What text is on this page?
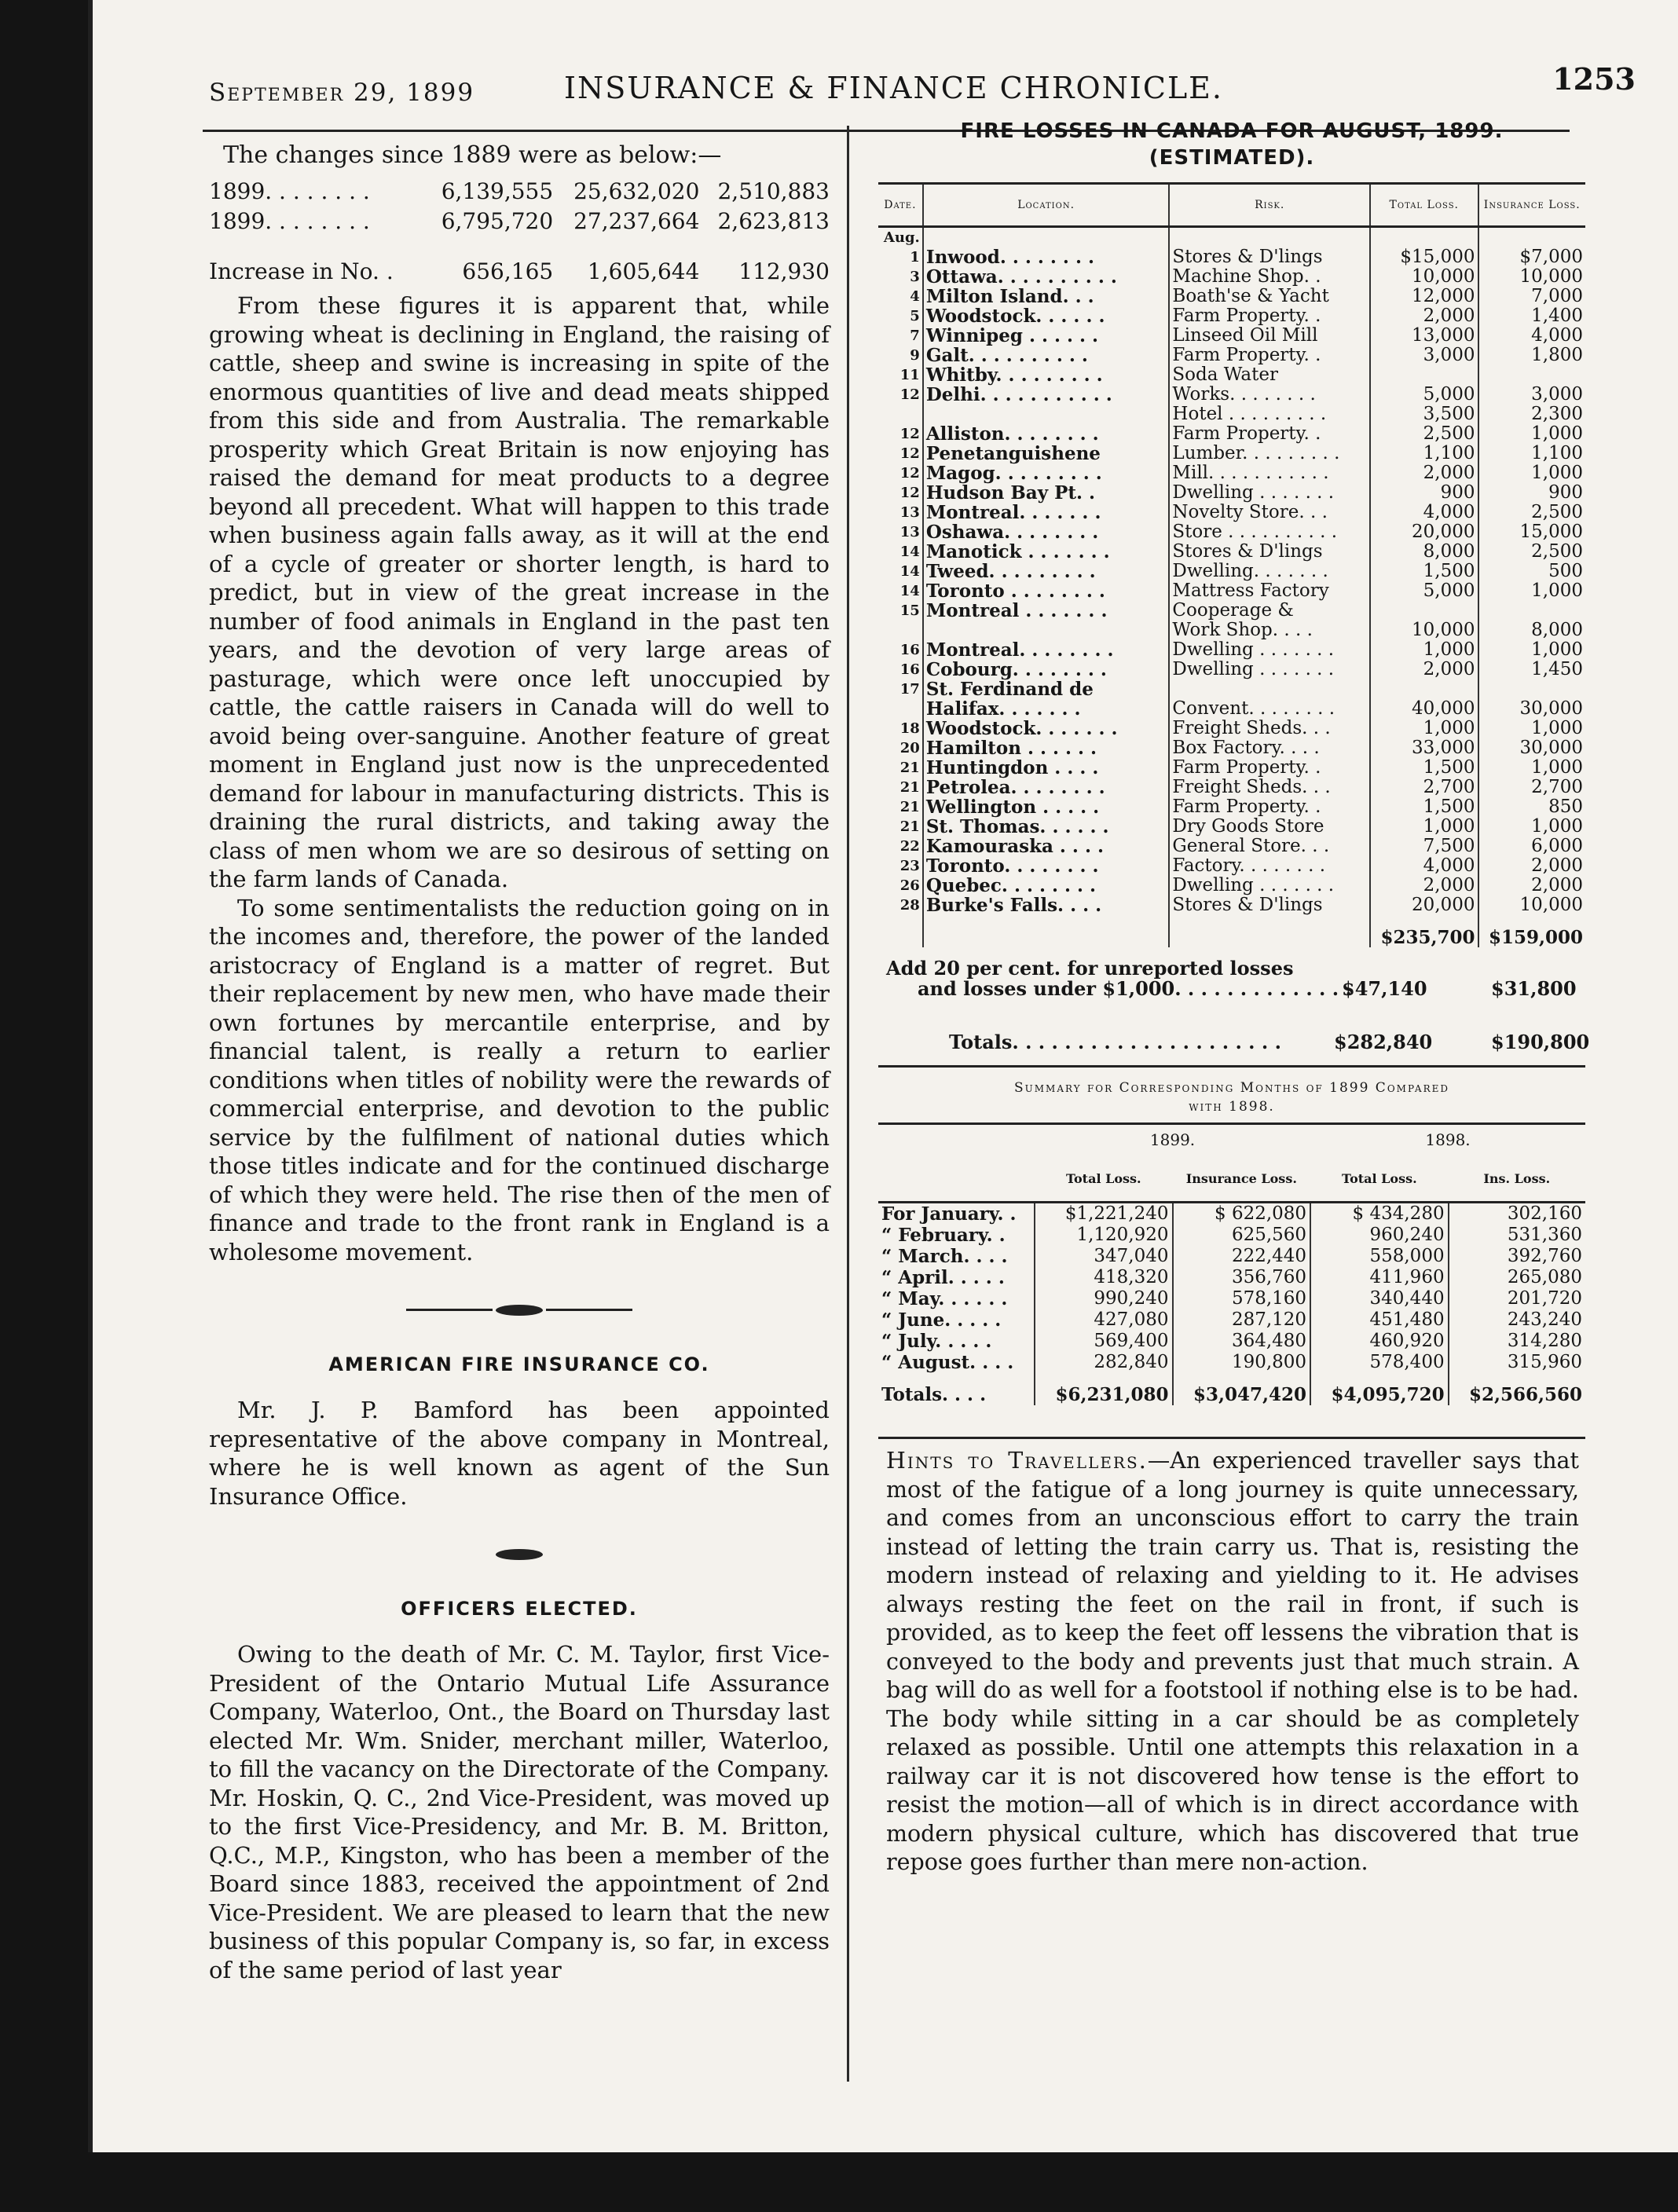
September 29, 1899	INSURANCE & FINANCE CHRONICLE.	1253

The changes since 1889 were as below:—

1899. . . . . . . .	6,139,555	25,632,020	2,510,883
1899. . . . . . . .	6,795,720	27,237,664	2,623,813
Increase in No. .	656,165	1,605,644	112,930

From these figures it is apparent that, while growing wheat is declining in England, the raising of cattle, sheep and swine is increasing in spite of the enormous quantities of live and dead meats shipped from this side and from Australia. The remarkable prosperity which Great Britain is now enjoying has raised the demand for meat products to a degree beyond all precedent. What will happen to this trade when business again falls away, as it will at the end of a cycle of greater or shorter length, is hard to predict, but in view of the great increase in the number of food animals in England in the past ten years, and the devotion of very large areas of pasturage, which were once left unoccupied by cattle, the cattle raisers in Canada will do well to avoid being over-sanguine. Another feature of great moment in England just now is the unprecedented demand for labour in manufacturing districts. This is draining the rural districts, and taking away the class of men whom we are so desirous of setting on the farm lands of Canada.

To some sentimentalists the reduction going on in the incomes and, therefore, the power of the landed aristocracy of England is a matter of regret. But their replacement by new men, who have made their own fortunes by mercantile enterprise, and by financial talent, is really a return to earlier conditions when titles of nobility were the rewards of commercial enterprise, and devotion to the public service by the fulfilment of national duties which those titles indicate and for the continued discharge of which they were held. The rise then of the men of finance and trade to the front rank in England is a wholesome movement.

AMERICAN FIRE INSURANCE CO.

Mr. J. P. Bamford has been appointed representative of the above company in Montreal, where he is well known as agent of the Sun Insurance Office.

OFFICERS ELECTED.

Owing to the death of Mr. C. M. Taylor, first Vice-President of the Ontario Mutual Life Assurance Company, Waterloo, Ont., the Board on Thursday last elected Mr. Wm. Snider, merchant miller, Waterloo, to fill the vacancy on the Directorate of the Company. Mr. Hoskin, Q. C., 2nd Vice-President, was moved up to the first Vice-Presidency, and Mr. B. M. Britton, Q.C., M.P., Kingston, who has been a member of the Board since 1883, received the appointment of 2nd Vice-President. We are pleased to learn that the new business of this popular Company is, so far, in excess of the same period of last year

FIRE LOSSES IN CANADA FOR AUGUST, 1899.
(ESTIMATED).
Date.	Location.	Risk.	Total Loss.	Insurance Loss.
Aug.				
1	Inwood. . . . . . . .	Stores & D'lings	$15,000	$7,000
3	Ottawa. . . . . . . . . .	Machine Shop. .	10,000	10,000
4	Milton Island. . .	Boath'se & Yacht	12,000	7,000
5	Woodstock. . . . . .	Farm Property. .	2,000	1,400
7	Winnipeg . . . . . .	Linseed Oil Mill	13,000	4,000
9	Galt. . . . . . . . . .	Farm Property. .	3,000	1,800
11	Whitby. . . . . . . . .	Soda Water		
12	Delhi. . . . . . . . . . .	Works. . . . . . . .	5,000	3,000
		Hotel . . . . . . . . .	3,500	2,300
12	Alliston. . . . . . . .	Farm Property. .	2,500	1,000
12	Penetanguishene	Lumber. . . . . . . . .	1,100	1,100
12	Magog. . . . . . . . .	Mill. . . . . . . . . . .	2,000	1,000
12	Hudson Bay Pt. .	Dwelling . . . . . . .	900	900
13	Montreal. . . . . . .	Novelty Store. . .	4,000	2,500
13	Oshawa. . . . . . . .	Store . . . . . . . . . .	20,000	15,000
14	Manotick . . . . . . .	Stores & D'lings	8,000	2,500
14	Tweed. . . . . . . . .	Dwelling. . . . . . .	1,500	500
14	Toronto . . . . . . . .	Mattress Factory	5,000	1,000
15	Montreal . . . . . . .	Cooperage &		
		Work Shop. . . .	10,000	8,000
16	Montreal. . . . . . . .	Dwelling . . . . . . .	1,000	1,000
16	Cobourg. . . . . . . .	Dwelling . . . . . . .	2,000	1,450
17	St. Ferdinand de			
	Halifax. . . . . . .	Convent. . . . . . . .	40,000	30,000
18	Woodstock. . . . . . .	Freight Sheds. . .	1,000	1,000
20	Hamilton . . . . . .	Box Factory. . . .	33,000	30,000
21	Huntingdon . . . .	Farm Property. .	1,500	1,000
21	Petrolea. . . . . . . .	Freight Sheds. . .	2,700	2,700
21	Wellington . . . . .	Farm Property. .	1,500	850
21	St. Thomas. . . . . .	Dry Goods Store	1,000	1,000
22	Kamouraska . . . .	General Store. . .	7,500	6,000
23	Toronto. . . . . . . .	Factory. . . . . . . .	4,000	2,000
26	Quebec. . . . . . . .	Dwelling . . . . . . .	2,000	2,000
28	Burke's Falls. . . .	Stores & D'lings	20,000	10,000
			$235,700	$159,000
Add 20 per cent. for unreported losses
and losses under $1,000. . . . . . . . . . . . . .
$47,140	$31,800
Totals. . . . . . . . . . . . . . . . . . . . .	$282,840	$190,800
Summary for Corresponding Months of 1899 Compared
with 1898.
	1899.		1898.	
	Total Loss.	Insurance Loss.	Total Loss.	Ins. Loss.
For January. .	$1,221,240	$ 622,080	$ 434,280	302,160
“ February. .	1,120,920	625,560	960,240	531,360
“ March. . . .	347,040	222,440	558,000	392,760
“ April. . . . .	418,320	356,760	411,960	265,080
“ May. . . . . .	990,240	578,160	340,440	201,720
“ June. . . . .	427,080	287,120	451,480	243,240
“ July. . . . .	569,400	364,480	460,920	314,280
“ August. . . .	282,840	190,800	578,400	315,960
Totals. . . .	$6,231,080	$3,047,420	$4,095,720	$2,566,560
Hints to Travellers.—An experienced traveller says that most of the fatigue of a long journey is quite unnecessary, and comes from an unconscious effort to carry the train instead of letting the train carry us. That is, resisting the modern instead of relaxing and yielding to it. He advises always resting the feet on the rail in front, if such is provided, as to keep the feet off lessens the vibration that is conveyed to the body and prevents just that much strain. A bag will do as well for a footstool if nothing else is to be had. The body while sitting in a car should be as completely relaxed as possible. Until one attempts this relaxation in a railway car it is not discovered how tense is the effort to resist the motion—all of which is in direct accordance with modern physical culture, which has discovered that true repose goes further than mere non-action.
